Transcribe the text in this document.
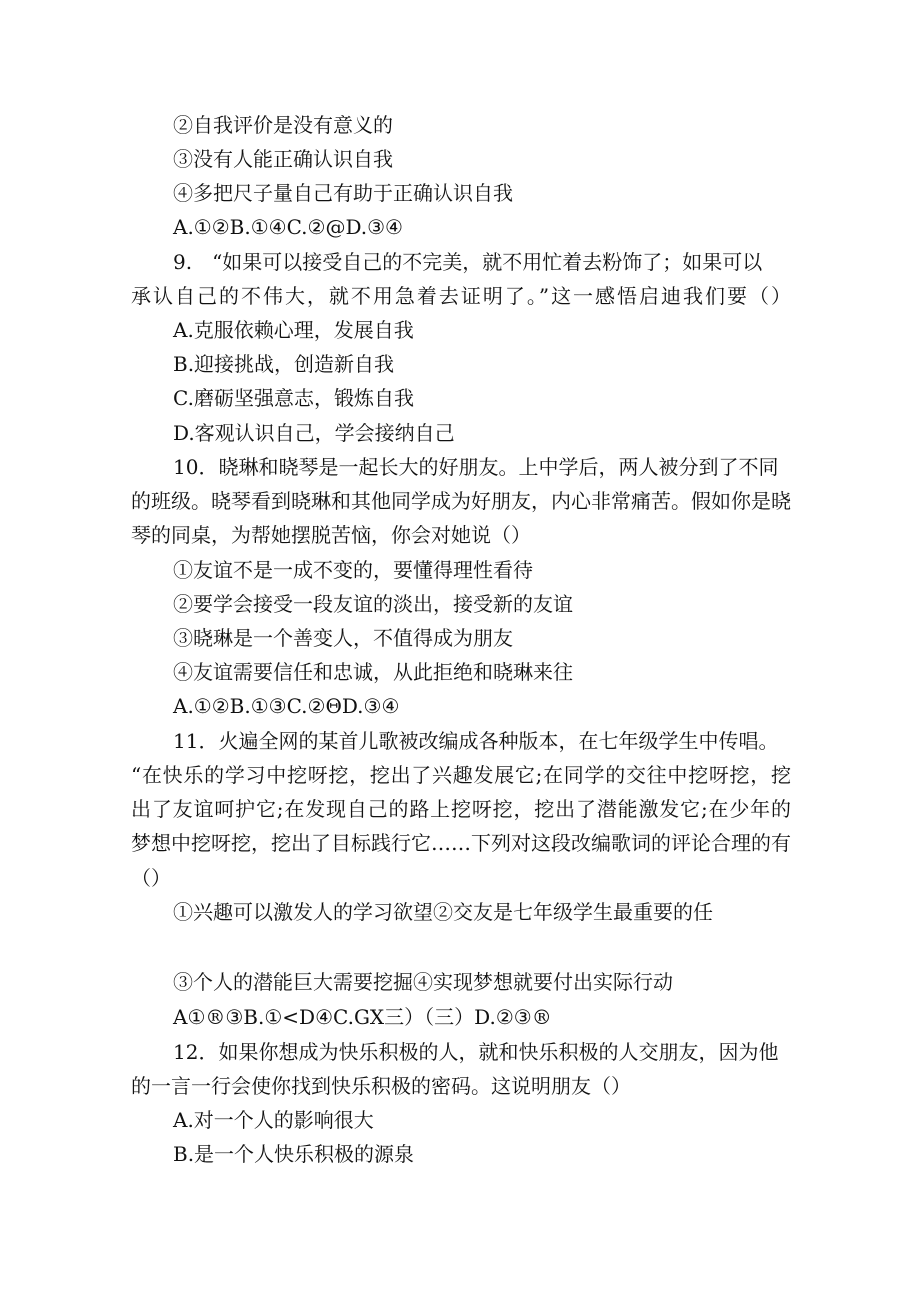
②自我评价是没有意义的
③没有人能正确认识自我
④多把尺子量自己有助于正确认识自我
A.①②B.①④C.②@D.③④
9.　“如果可以接受自己的不完美，就不用忙着去粉饰了；如果可以
承认自己的不伟大，就不用急着去证明了。”这一感悟启迪我们要（）
A.克服依赖心理，发展自我
B.迎接挑战，创造新自我
C.磨砺坚强意志，锻炼自我
D.客观认识自己，学会接纳自己
10．晓琳和晓琴是一起长大的好朋友。上中学后，两人被分到了不同
的班级。晓琴看到晓琳和其他同学成为好朋友，内心非常痛苦。假如你是晓
琴的同桌，为帮她摆脱苦恼，你会对她说（）
①友谊不是一成不变的，要懂得理性看待
②要学会接受一段友谊的淡出，接受新的友谊
③晓琳是一个善变人，不值得成为朋友
④友谊需要信任和忠诚，从此拒绝和晓琳来往
A.①②B.①③C.②ΘD.③④
11．火遍全网的某首儿歌被改编成各种版本，在七年级学生中传唱。
“在快乐的学习中挖呀挖，挖出了兴趣发展它;在同学的交往中挖呀挖，挖
出了友谊呵护它;在发现自己的路上挖呀挖，挖出了潜能激发它;在少年的
梦想中挖呀挖，挖出了目标践行它……下列对这段改编歌词的评论合理的有
（）
①兴趣可以激发人的学习欲望②交友是七年级学生最重要的任
③个人的潜能巨大需要挖掘④实现梦想就要付出实际行动
A①®③B.①<D④C.GX三）（三）D.②③®
12．如果你想成为快乐积极的人，就和快乐积极的人交朋友，因为他
的一言一行会使你找到快乐积极的密码。这说明朋友（）
A.对一个人的影响很大
B.是一个人快乐积极的源泉
